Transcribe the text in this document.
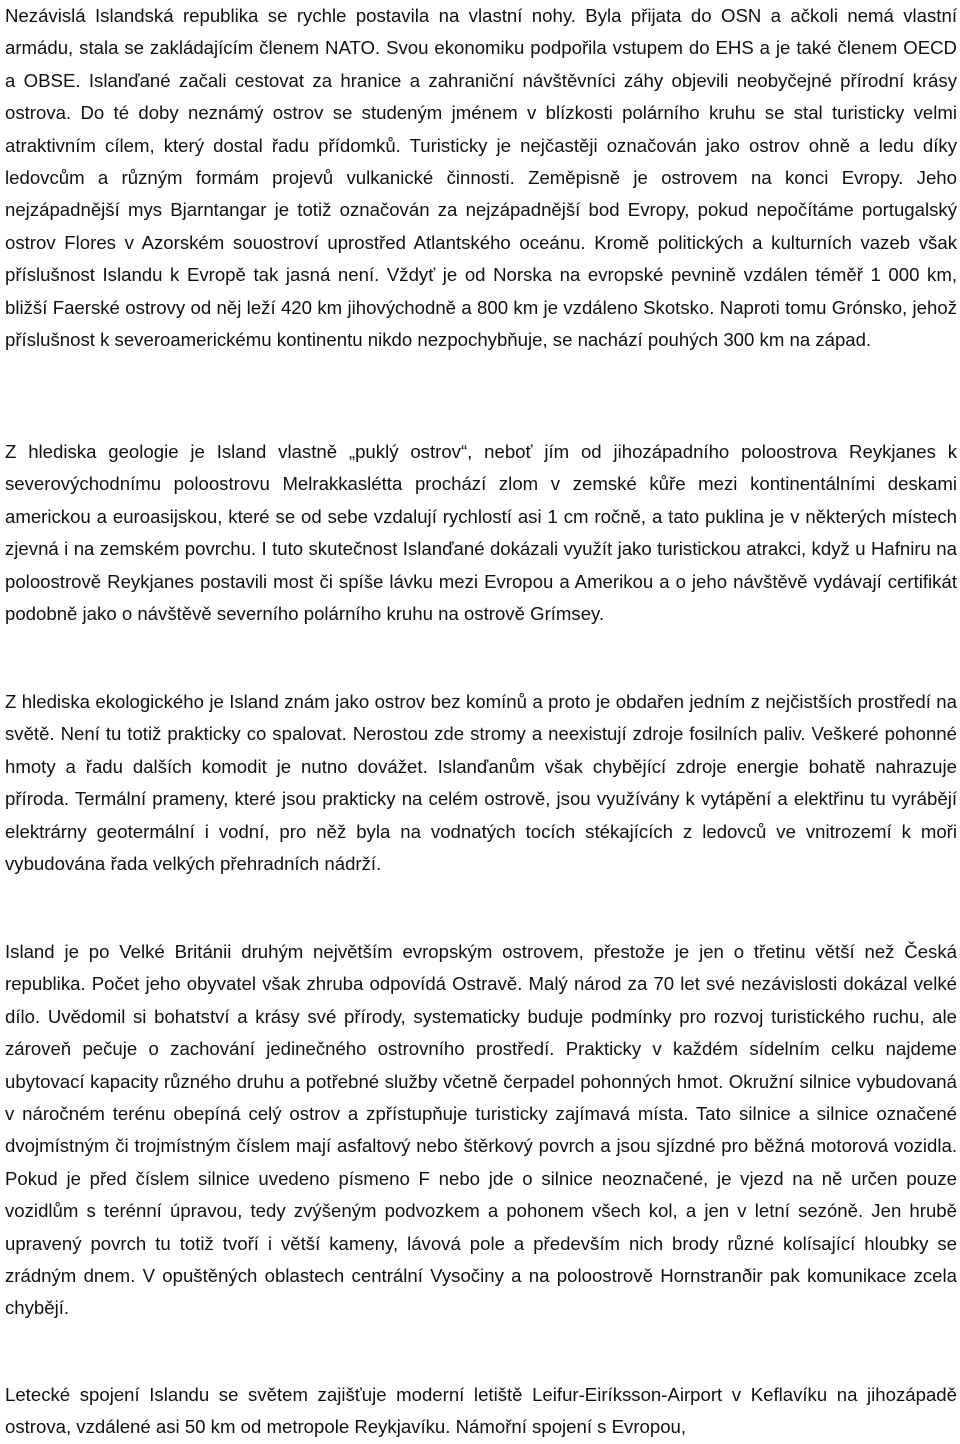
Nezávislá Islandská republika se rychle postavila na vlastní nohy. Byla přijata do OSN a ačkoli nemá vlastní armádu, stala se zakládajícím členem NATO. Svou ekonomiku podpořila vstupem do EHS a je také členem OECD a OBSE. Islanďané začali cestovat za hranice a zahraniční návštěvníci záhy objevili neobyčejné přírodní krásy ostrova. Do té doby neznámý ostrov se studeným jménem v blízkosti polárního kruhu se stal turisticky velmi atraktivním cílem, který dostal řadu přídomků. Turisticky je nejčastěji označován jako ostrov ohně a ledu díky ledovcům a různým formám projevů vulkanické činnosti. Zeměpisně je ostrovem na konci Evropy. Jeho nejzápadnější mys Bjarntangar je totiž označován za nejzápadnější bod Evropy, pokud nepočítáme portugalský ostrov Flores v Azorském souostroví uprostřed Atlantského oceánu. Kromě politických a kulturních vazeb však příslušnost Islandu k Evropě tak jasná není. Vždyť je od Norska na evropské pevnině vzdálen téměř 1 000 km, bližší Faerské ostrovy od něj leží 420 km jihovýchodně a 800 km je vzdáleno Skotsko. Naproti tomu Grónsko, jehož příslušnost k severoamerickému kontinentu nikdo nezpochybňuje, se nachází pouhých 300 km na západ.

Z hlediska geologie je Island vlastně „puklý ostrov“, neboť jím od jihozápadního poloostrova Reykjanes k severovýchodnímu poloostrovu Melrakkaslétta prochází zlom v zemské kůře mezi kontinentálními deskami americkou a euroasijskou, které se od sebe vzdalují rychlostí asi 1 cm ročně, a tato puklina je v některých místech zjevná i na zemském povrchu. I tuto skutečnost Islanďané dokázali využít jako turistickou atrakci, když u Hafniru na poloostrově Reykjanes postavili most či spíše lávku mezi Evropou a Amerikou a o jeho návštěvě vydávají certifikát podobně jako o návštěvě severního polárního kruhu na ostrově Grímsey.

Z hlediska ekologického je Island znám jako ostrov bez komínů a proto je obdařen jedním z nejčistších prostředí na světě. Není tu totiž prakticky co spalovat. Nerostou zde stromy a neexistují zdroje fosilních paliv. Veškeré pohonné hmoty a řadu dalších komodit je nutno dovážet. Islanďanům však chybějící zdroje energie bohatě nahrazuje příroda. Termální prameny, které jsou prakticky na celém ostrově, jsou využívány k vytápění a elektřinu tu vyrábějí elektrárny geotermální i vodní, pro něž byla na vodnatých tocích stékajících z ledovců ve vnitrozemí k moři vybudována řada velkých přehradních nádrží.

Island je po Velké Británii druhým největším evropským ostrovem, přestože je jen o třetinu větší než Česká republika. Počet jeho obyvatel však zhruba odpovídá Ostravě. Malý národ za 70 let své nezávislosti dokázal velké dílo. Uvědomil si bohatství a krásy své přírody, systematicky buduje podmínky pro rozvoj turistického ruchu, ale zároveň pečuje o zachování jedinečného ostrovního prostředí. Prakticky v každém sídelním celku najdeme ubytovací kapacity různého druhu a potřebné služby včetně čerpadel pohonných hmot. Okružní silnice vybudovaná v náročném terénu obepíná celý ostrov a zpřístupňuje turisticky zajímavá místa. Tato silnice a silnice označené dvojmístným či trojmístným číslem mají asfaltový nebo štěrkový povrch a jsou sjízdné pro běžná motorová vozidla. Pokud je před číslem silnice uvedeno písmeno F nebo jde o silnice neoznačené, je vjezd na ně určen pouze vozidlům s terénní úpravou, tedy zvýšeným podvozkem a pohonem všech kol, a jen v letní sezóně. Jen hrubě upravený povrch tu totiž tvoří i větší kameny, lávová pole a především nich brody různé kolísající hloubky se zrádným dnem. V opuštěných oblastech centrální Vysočiny a na poloostrově Hornstranðir pak komunikace zcela chybějí.

Letecké spojení Islandu se světem zajišťuje moderní letiště Leifur-Eiríksson-Airport v Keflavíku na jihozápadě ostrova, vzdálené asi 50 km od metropole Reykjavíku. Námořní spojení s Evropou,
